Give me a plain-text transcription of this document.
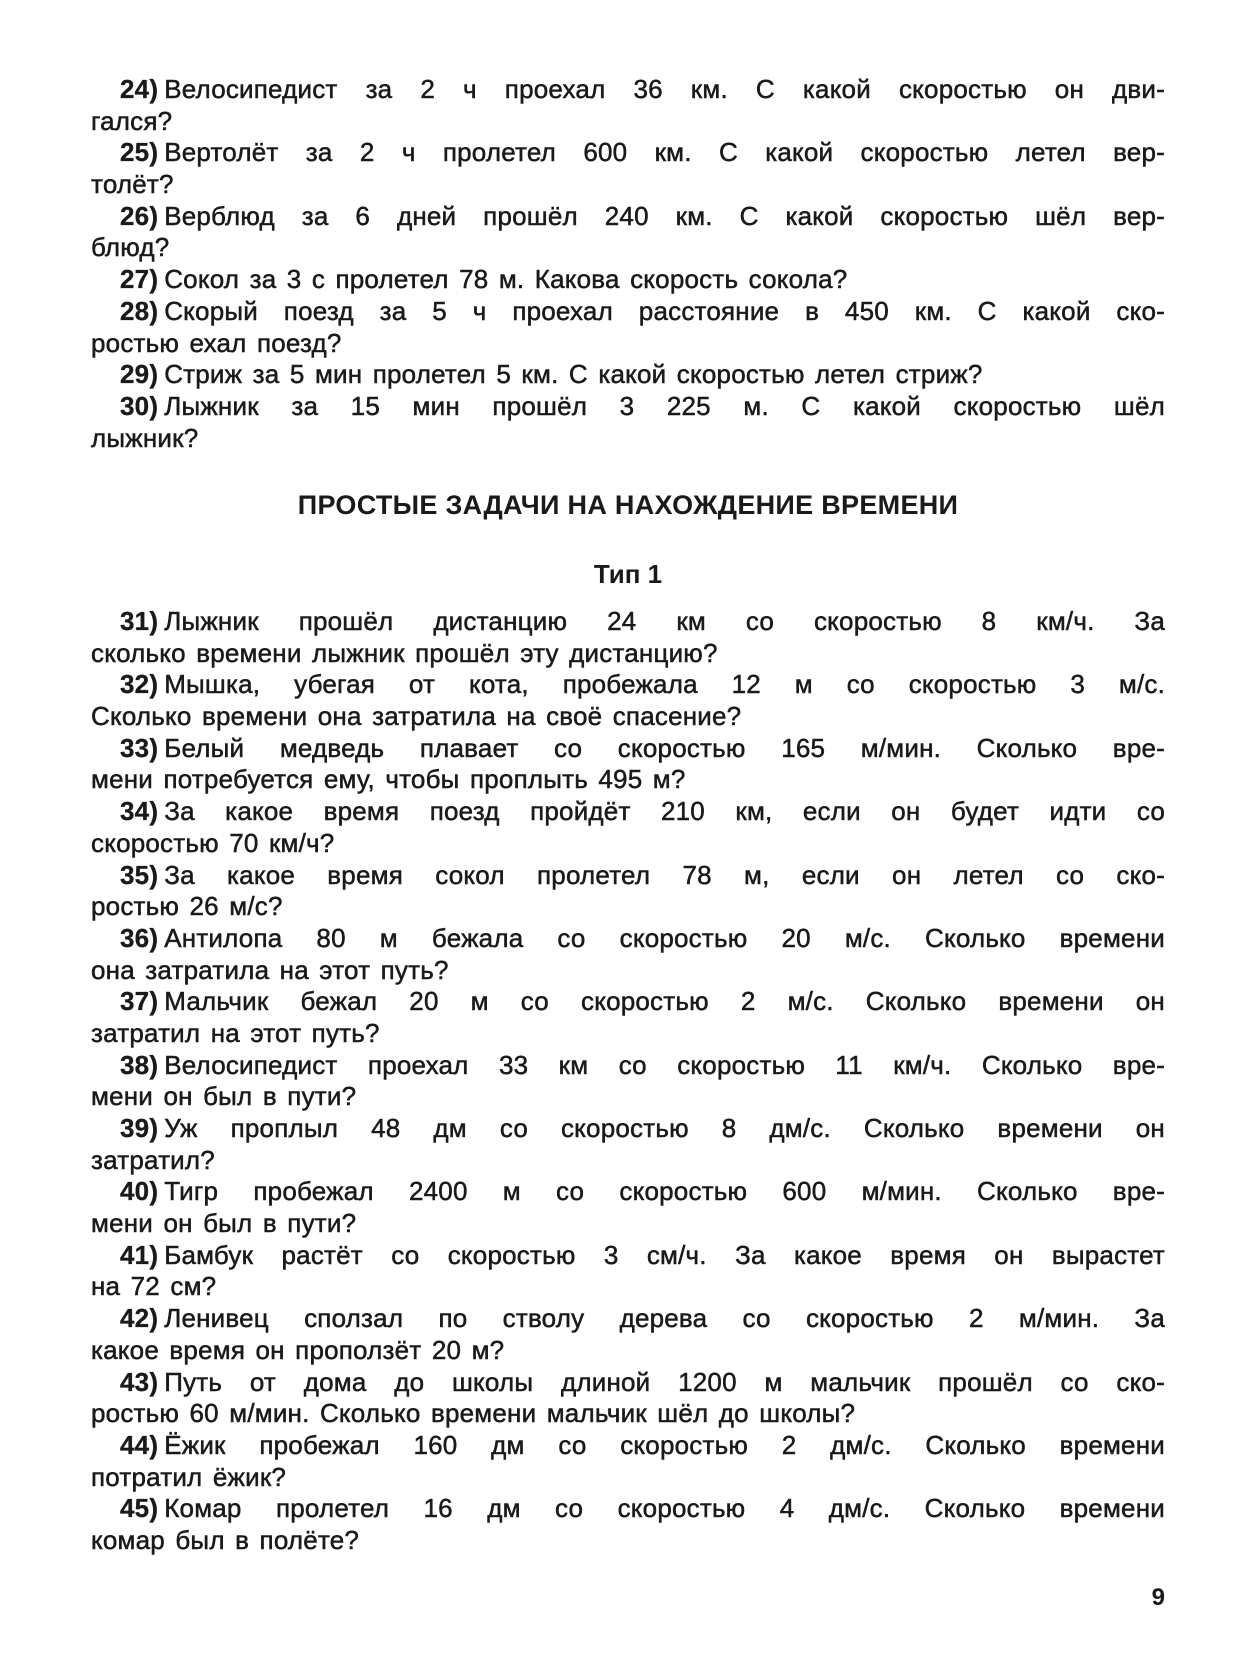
24) Велосипедист за 2 ч проехал 36 км. С какой скоростью он дви-
гался?
25) Вертолёт за 2 ч пролетел 600 км. С какой скоростью летел вер-
толёт?
26) Верблюд за 6 дней прошёл 240 км. С какой скоростью шёл вер-
блюд?
27) Сокол за 3 с пролетел 78 м. Какова скорость сокола?
28) Скорый поезд за 5 ч проехал расстояние в 450 км. С какой ско-
ростью ехал поезд?
29) Стриж за 5 мин пролетел 5 км. С какой скоростью летел стриж?
30) Лыжник за 15 мин прошёл 3 225 м. С какой скоростью шёл
лыжник?
ПРОСТЫЕ ЗАДАЧИ НА НАХОЖДЕНИЕ ВРЕМЕНИ
Тип 1
31) Лыжник прошёл дистанцию 24 км со скоростью 8 км/ч. За
сколько времени лыжник прошёл эту дистанцию?
32) Мышка, убегая от кота, пробежала 12 м со скоростью 3 м/с.
Сколько времени она затратила на своё спасение?
33) Белый медведь плавает со скоростью 165 м/мин. Сколько вре-
мени потребуется ему, чтобы проплыть 495 м?
34) За какое время поезд пройдёт 210 км, если он будет идти со
скоростью 70 км/ч?
35) За какое время сокол пролетел 78 м, если он летел со ско-
ростью 26 м/с?
36) Антилопа 80 м бежала со скоростью 20 м/с. Сколько времени
она затратила на этот путь?
37) Мальчик бежал 20 м со скоростью 2 м/с. Сколько времени он
затратил на этот путь?
38) Велосипедист проехал 33 км со скоростью 11 км/ч. Сколько вре-
мени он был в пути?
39) Уж проплыл 48 дм со скоростью 8 дм/с. Сколько времени он
затратил?
40) Тигр пробежал 2400 м со скоростью 600 м/мин. Сколько вре-
мени он был в пути?
41) Бамбук растёт со скоростью 3 см/ч. За какое время он вырастет
на 72 см?
42) Ленивец сползал по стволу дерева со скоростью 2 м/мин. За
какое время он проползёт 20 м?
43) Путь от дома до школы длиной 1200 м мальчик прошёл со ско-
ростью 60 м/мин. Сколько времени мальчик шёл до школы?
44) Ёжик пробежал 160 дм со скоростью 2 дм/с. Сколько времени
потратил ёжик?
45) Комар пролетел 16 дм со скоростью 4 дм/с. Сколько времени
комар был в полёте?
9
